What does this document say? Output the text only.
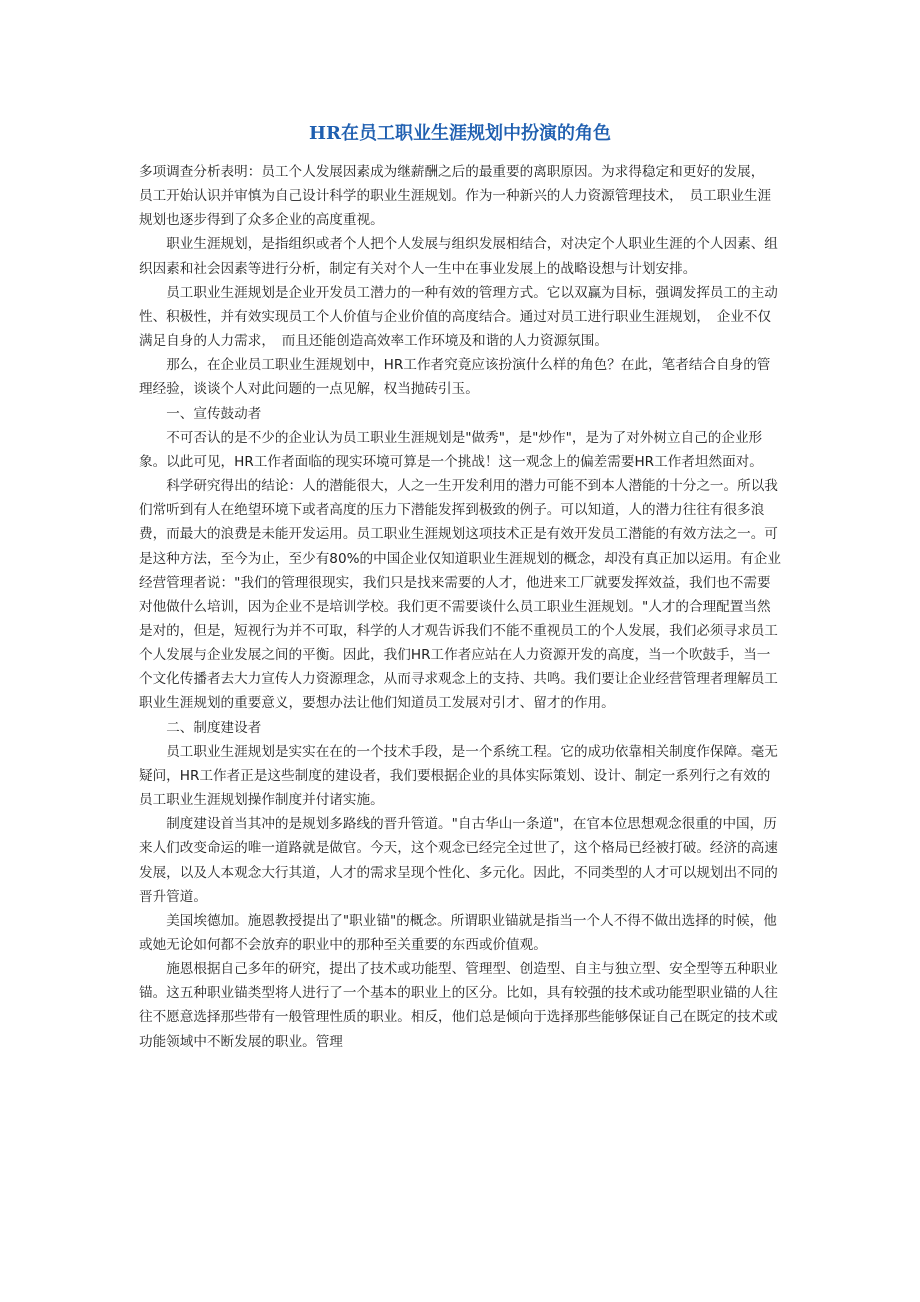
HR在员工职业生涯规划中扮演的角色

多项调查分析表明：员工个人发展因素成为继薪酬之后的最重要的离职原因。为求得稳定和更好的发展，　员工开始认识并审慎为自己设计科学的职业生涯规划。作为一种新兴的人力资源管理技术，　员工职业生涯规划也逐步得到了众多企业的高度重视。

职业生涯规划，是指组织或者个人把个人发展与组织发展相结合，对决定个人职业生涯的个人因素、组织因素和社会因素等进行分析，制定有关对个人一生中在事业发展上的战略设想与计划安排。

员工职业生涯规划是企业开发员工潜力的一种有效的管理方式。它以双赢为目标，强调发挥员工的主动性、积极性，并有效实现员工个人价值与企业价值的高度结合。通过对员工进行职业生涯规划，　企业不仅满足自身的人力需求，　而且还能创造高效率工作环境及和谐的人力资源氛围。

那么，在企业员工职业生涯规划中，HR工作者究竟应该扮演什么样的角色？在此，笔者结合自身的管理经验，谈谈个人对此问题的一点见解，权当抛砖引玉。

一、宣传鼓动者

不可否认的是不少的企业认为员工职业生涯规划是"做秀"，是"炒作"，是为了对外树立自己的企业形象。以此可见，HR工作者面临的现实环境可算是一个挑战！这一观念上的偏差需要HR工作者坦然面对。

科学研究得出的结论：人的潜能很大，人之一生开发利用的潜力可能不到本人潜能的十分之一。所以我们常听到有人在绝望环境下或者高度的压力下潜能发挥到极致的例子。可以知道，人的潜力往往有很多浪费，而最大的浪费是未能开发运用。员工职业生涯规划这项技术正是有效开发员工潜能的有效方法之一。可是这种方法，至今为止，至少有80%的中国企业仅知道职业生涯规划的概念，却没有真正加以运用。有企业经营管理者说："我们的管理很现实，我们只是找来需要的人才，他进来工厂就要发挥效益，我们也不需要对他做什么培训，因为企业不是培训学校。我们更不需要谈什么员工职业生涯规划。"人才的合理配置当然是对的，但是，短视行为并不可取，科学的人才观告诉我们不能不重视员工的个人发展，我们必须寻求员工个人发展与企业发展之间的平衡。因此，我们HR工作者应站在人力资源开发的高度，当一个吹鼓手，当一个文化传播者去大力宣传人力资源理念，从而寻求观念上的支持、共鸣。我们要让企业经营管理者理解员工职业生涯规划的重要意义，要想办法让他们知道员工发展对引才、留才的作用。

二、制度建设者

员工职业生涯规划是实实在在的一个技术手段，是一个系统工程。它的成功依靠相关制度作保障。毫无疑问，HR工作者正是这些制度的建设者，我们要根据企业的具体实际策划、设计、制定一系列行之有效的员工职业生涯规划操作制度并付诸实施。

制度建设首当其冲的是规划多路线的晋升管道。"自古华山一条道"，在官本位思想观念很重的中国，历来人们改变命运的唯一道路就是做官。今天，这个观念已经完全过世了，这个格局已经被打破。经济的高速发展，以及人本观念大行其道，人才的需求呈现个性化、多元化。因此，不同类型的人才可以规划出不同的晋升管道。

美国埃德加。施恩教授提出了"职业锚"的概念。所谓职业锚就是指当一个人不得不做出选择的时候，他或她无论如何都不会放弃的职业中的那种至关重要的东西或价值观。

施恩根据自己多年的研究，提出了技术或功能型、管理型、创造型、自主与独立型、安全型等五种职业锚。这五种职业锚类型将人进行了一个基本的职业上的区分。比如，具有较强的技术或功能型职业锚的人往往不愿意选择那些带有一般管理性质的职业。相反，他们总是倾向于选择那些能够保证自己在既定的技术或功能领域中不断发展的职业。管理
